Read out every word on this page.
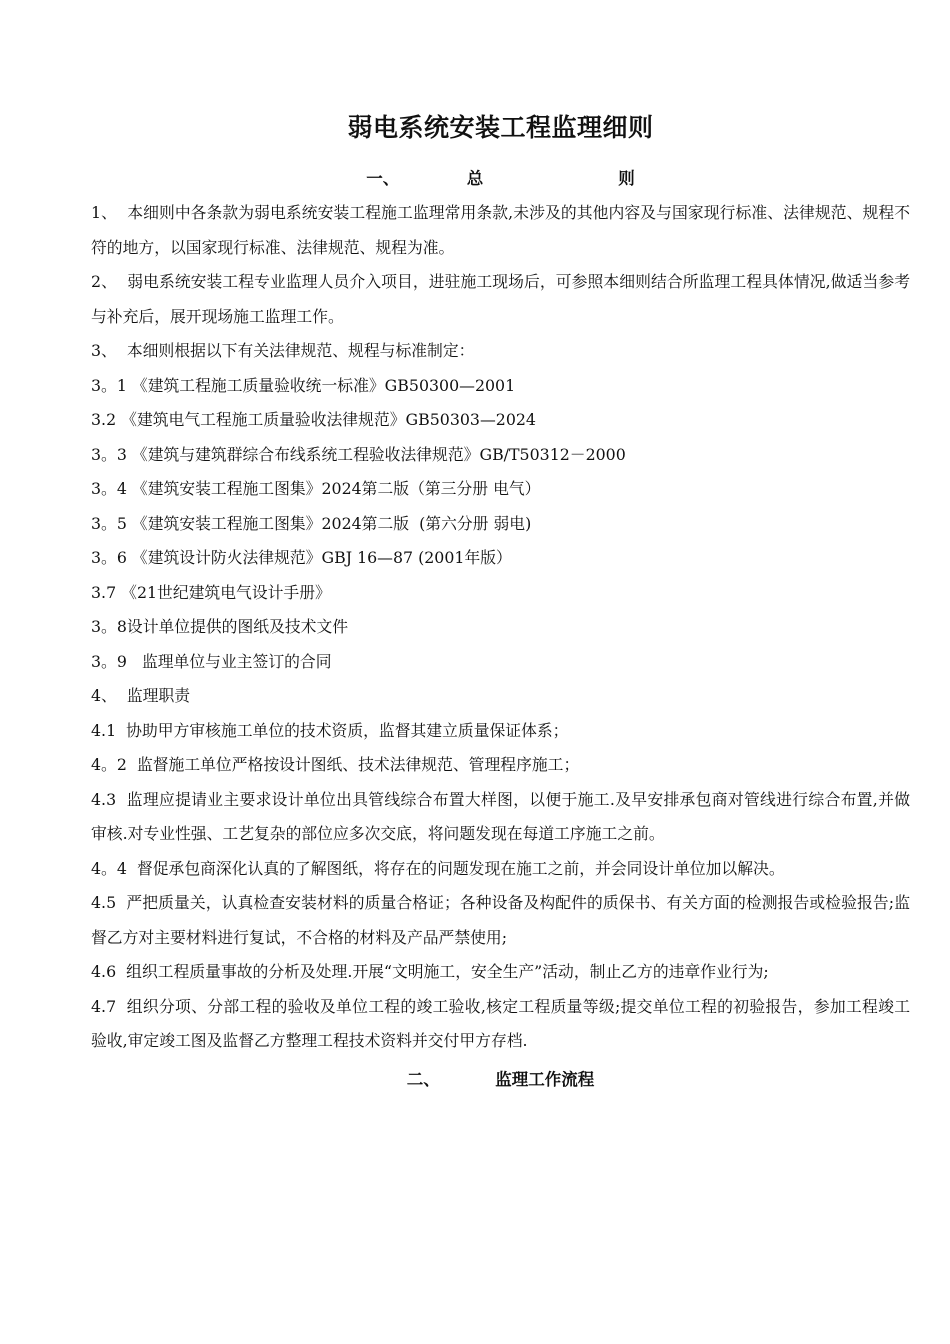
弱电系统安装工程监理细则
一、  总    则

1、  本细则中各条款为弱电系统安装工程施工监理常用条款,未涉及的其他内容及与国家现行标准、法律规范、规程不符的地方，以国家现行标准、法律规范、规程为准。

2、  弱电系统安装工程专业监理人员介入项目，进驻施工现场后，可参照本细则结合所监理工程具体情况,做适当参考与补充后，展开现场施工监理工作。

3、  本细则根据以下有关法律规范、规程与标准制定：

3。1 《建筑工程施工质量验收统一标准》GB50300—2001

3.2 《建筑电气工程施工质量验收法律规范》GB50303—2024

3。3 《建筑与建筑群综合布线系统工程验收法律规范》GB/T50312－2000

3。4 《建筑安装工程施工图集》2024第二版（第三分册 电气）

3。5 《建筑安装工程施工图集》2024第二版  (第六分册 弱电)

3。6 《建筑设计防火法律规范》GBJ 16—87 (2001年版）

3.7 《21世纪建筑电气设计手册》

3。8设计单位提供的图纸及技术文件

3。9   监理单位与业主签订的合同

4、  监理职责

4.1  协助甲方审核施工单位的技术资质，监督其建立质量保证体系；

4。2  监督施工单位严格按设计图纸、技术法律规范、管理程序施工；

4.3  监理应提请业主要求设计单位出具管线综合布置大样图，以便于施工.及早安排承包商对管线进行综合布置,并做审核.对专业性强、工艺复杂的部位应多次交底，将问题发现在每道工序施工之前。

4。4  督促承包商深化认真的了解图纸，将存在的问题发现在施工之前，并会同设计单位加以解决。

4.5  严把质量关，认真检查安装材料的质量合格证；各种设备及构配件的质保书、有关方面的检测报告或检验报告;监督乙方对主要材料进行复试，不合格的材料及产品严禁使用;

4.6  组织工程质量事故的分析及处理.开展“文明施工，安全生产”活动，制止乙方的违章作业行为;

4.7  组织分项、分部工程的验收及单位工程的竣工验收,核定工程质量等级;提交单位工程的初验报告，参加工程竣工验收,审定竣工图及监督乙方整理工程技术资料并交付甲方存档.

二、  监理工作流程
